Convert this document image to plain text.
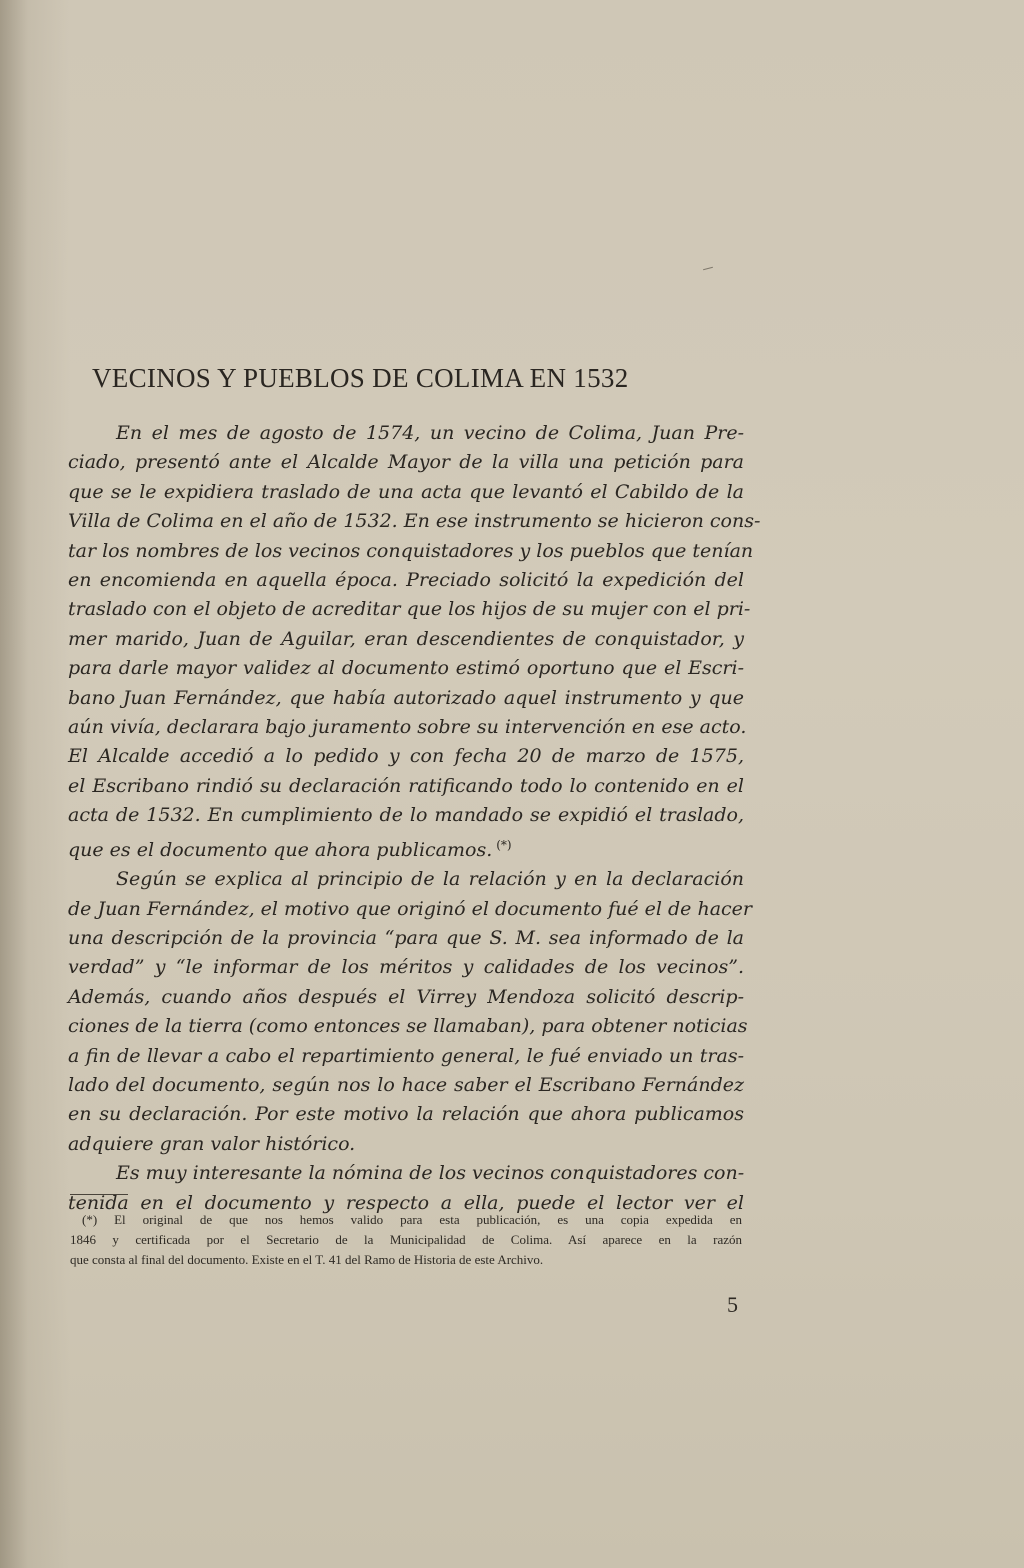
VECINOS Y PUEBLOS DE COLIMA EN 1532

En el mes de agosto de 1574, un vecino de Colima, Juan Pre-
ciado, presentó ante el Alcalde Mayor de la villa una petición para
que se le expidiera traslado de una acta que levantó el Cabildo de la
Villa de Colima en el año de 1532. En ese instrumento se hicieron cons-
tar los nombres de los vecinos conquistadores y los pueblos que tenían
en encomienda en aquella época. Preciado solicitó la expedición del
traslado con el objeto de acreditar que los hijos de su mujer con el pri-
mer marido, Juan de Aguilar, eran descendientes de conquistador, y
para darle mayor validez al documento estimó oportuno que el Escri-
bano Juan Fernández, que había autorizado aquel instrumento y que
aún vivía, declarara bajo juramento sobre su intervención en ese acto.
El Alcalde accedió a lo pedido y con fecha 20 de marzo de 1575,
el Escribano rindió su declaración ratificando todo lo contenido en el
acta de 1532. En cumplimiento de lo mandado se expidió el traslado,
que es el documento que ahora publicamos. (*)

Según se explica al principio de la relación y en la declaración
de Juan Fernández, el motivo que originó el documento fué el de hacer
una descripción de la provincia “para que S. M. sea informado de la
verdad” y “le informar de los méritos y calidades de los vecinos”.
Además, cuando años después el Virrey Mendoza solicitó descrip-
ciones de la tierra (como entonces se llamaban), para obtener noticias
a fin de llevar a cabo el repartimiento general, le fué enviado un tras-
lado del documento, según nos lo hace saber el Escribano Fernández
en su declaración. Por este motivo la relación que ahora publicamos
adquiere gran valor histórico.

Es muy interesante la nómina de los vecinos conquistadores con-
tenida en el documento y respecto a ella, puede el lector ver el

(*) El original de que nos hemos valido para esta publicación, es una copia expedida en
1846 y certificada por el Secretario de la Municipalidad de Colima. Así aparece en la razón
que consta al final del documento. Existe en el T. 41 del Ramo de Historia de este Archivo.

5
